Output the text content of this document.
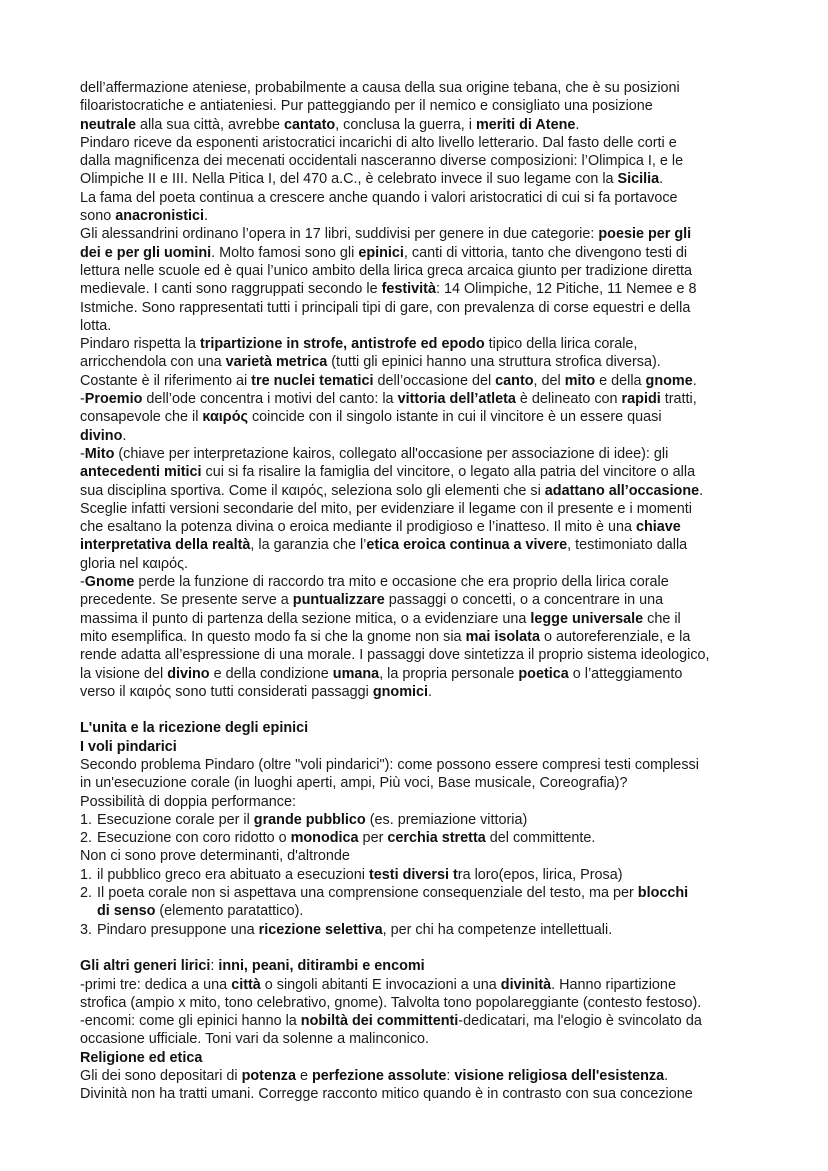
dell’affermazione ateniese, probabilmente a causa della sua origine tebana, che è su posizioni
filoaristocratiche e antiateniesi. Pur patteggiando per il nemico e consigliato una posizione
neutrale alla sua città, avrebbe cantato, conclusa la guerra, i meriti di Atene.
Pindaro riceve da esponenti aristocratici incarichi di alto livello letterario. Dal fasto delle corti e
dalla magnificenza dei mecenati occidentali nasceranno diverse composizioni: l’Olimpica I, e le
Olimpiche II e III. Nella Pitica I, del 470 a.C., è celebrato invece il suo legame con la Sicilia.
La fama del poeta continua a crescere anche quando i valori aristocratici di cui si fa portavoce
sono anacronistici.
Gli alessandrini ordinano l’opera in 17 libri, suddivisi per genere in due categorie: poesie per gli
dei e per gli uomini. Molto famosi sono gli epinici, canti di vittoria, tanto che divengono testi di
lettura nelle scuole ed è quai l’unico ambito della lirica greca arcaica giunto per tradizione diretta
medievale. I canti sono raggruppati secondo le festività: 14 Olimpiche, 12 Pitiche, 11 Nemee e 8
Istmiche. Sono rappresentati tutti i principali tipi di gare, con prevalenza di corse equestri e della
lotta.
Pindaro rispetta la tripartizione in strofe, antistrofe ed epodo tipico della lirica corale,
arricchendola con una varietà metrica (tutti gli epinici hanno una struttura strofica diversa).
Costante è il riferimento ai tre nuclei tematici dell’occasione del canto, del mito e della gnome.
-Proemio dell’ode concentra i motivi del canto: la vittoria dell’atleta è delineato con rapidi tratti,
consapevole che il καιρός coincide con il singolo istante in cui il vincitore è un essere quasi
divino.
-Mito (chiave per interpretazione kairos, collegato all'occasione per associazione di idee): gli
antecedenti mitici cui si fa risalire la famiglia del vincitore, o legato alla patria del vincitore o alla
sua disciplina sportiva. Come il καιρός, seleziona solo gli elementi che si adattano all’occasione.
Sceglie infatti versioni secondarie del mito, per evidenziare il legame con il presente e i momenti
che esaltano la potenza divina o eroica mediante il prodigioso e l’inatteso. Il mito è una chiave
interpretativa della realtà, la garanzia che l’etica eroica continua a vivere, testimoniato dalla
gloria nel καιρός.
-Gnome perde la funzione di raccordo tra mito e occasione che era proprio della lirica corale
precedente. Se presente serve a puntualizzare passaggi o concetti, o a concentrare in una
massima il punto di partenza della sezione mitica, o a evidenziare una legge universale che il
mito esemplifica. In questo modo fa si che la gnome non sia mai isolata o autoreferenziale, e la
rende adatta all’espressione di una morale. I passaggi dove sintetizza il proprio sistema ideologico,
la visione del divino e della condizione umana, la propria personale poetica o l’atteggiamento
verso il καιρός sono tutti considerati passaggi gnomici.
L'unita e la ricezione degli epinici
I voli pindarici
Secondo problema Pindaro (oltre "voli pindarici"): come possono essere compresi testi complessi
in un'esecuzione corale (in luoghi aperti, ampi, Più voci, Base musicale, Coreografia)?
Possibilità di doppia performance:
1. Esecuzione corale per il grande pubblico (es. premiazione vittoria)
2. Esecuzione con coro ridotto o monodica per cerchia stretta del committente.
Non ci sono prove determinanti, d'altronde
1. il pubblico greco era abituato a esecuzioni testi diversi tra loro(epos, lirica, Prosa)
2. Il poeta corale non si aspettava una comprensione consequenziale del testo, ma per blocchi
di senso (elemento paratattico).
3. Pindaro presuppone una ricezione selettiva, per chi ha competenze intellettuali.
Gli altri generi lirici: inni, peani, ditirambi e encomi
-primi tre: dedica a una città o singoli abitanti E invocazioni a una divinità. Hanno ripartizione
strofica (ampio x mito, tono celebrativo, gnome). Talvolta tono popolareggiante (contesto festoso).
-encomi: come gli epinici hanno la nobiltà dei committenti-dedicatari, ma l'elogio è svincolato da
occasione ufficiale. Toni vari da solenne a malinconico.
Religione ed etica
Gli dei sono depositari di potenza e perfezione assolute: visione religiosa dell'esistenza.
Divinità non ha tratti umani. Corregge racconto mitico quando è in contrasto con sua concezione
